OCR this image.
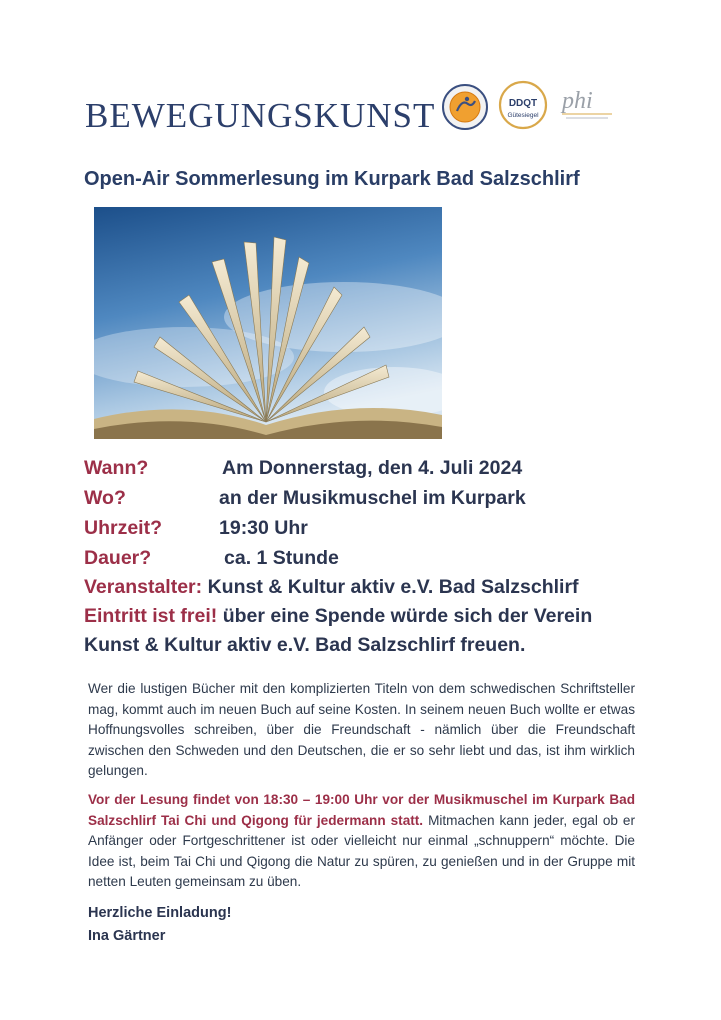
BEWEGUNGSKUNST	DDQT
Gütesiegel
phi
Open-Air Sommerlesung im Kurpark Bad Salzschlirf
Wann?	Am Donnerstag, den 4. Juli 2024
Wo?	an der Musikmuschel im Kurpark
Uhrzeit?	19:30 Uhr
Dauer?	ca. 1 Stunde
Veranstalter: Kunst & Kultur aktiv e.V. Bad Salzschlirf
Eintritt ist frei! über eine Spende würde sich der Verein
Kunst & Kultur aktiv e.V. Bad Salzschlirf freuen.
Wer die lustigen Bücher mit den komplizierten Titeln von dem schwedischen Schriftsteller mag, kommt auch im neuen Buch auf seine Kosten. In seinem neuen Buch wollte er etwas Hoffnungsvolles schreiben, über die Freundschaft - nämlich über die Freundschaft zwischen den Schweden und den Deutschen, die er so sehr liebt und das, ist ihm wirklich gelungen.
Vor der Lesung findet von 18:30 – 19:00 Uhr vor der Musikmuschel im Kurpark Bad Salzschlirf Tai Chi und Qigong für jedermann statt. Mitmachen kann jeder, egal ob er Anfänger oder Fortgeschrittener ist oder vielleicht nur einmal „schnuppern“ möchte. Die Idee ist, beim Tai Chi und Qigong die Natur zu spüren, zu genießen und in der Gruppe mit netten Leuten gemeinsam zu üben.
Herzliche Einladung!
Ina Gärtner
